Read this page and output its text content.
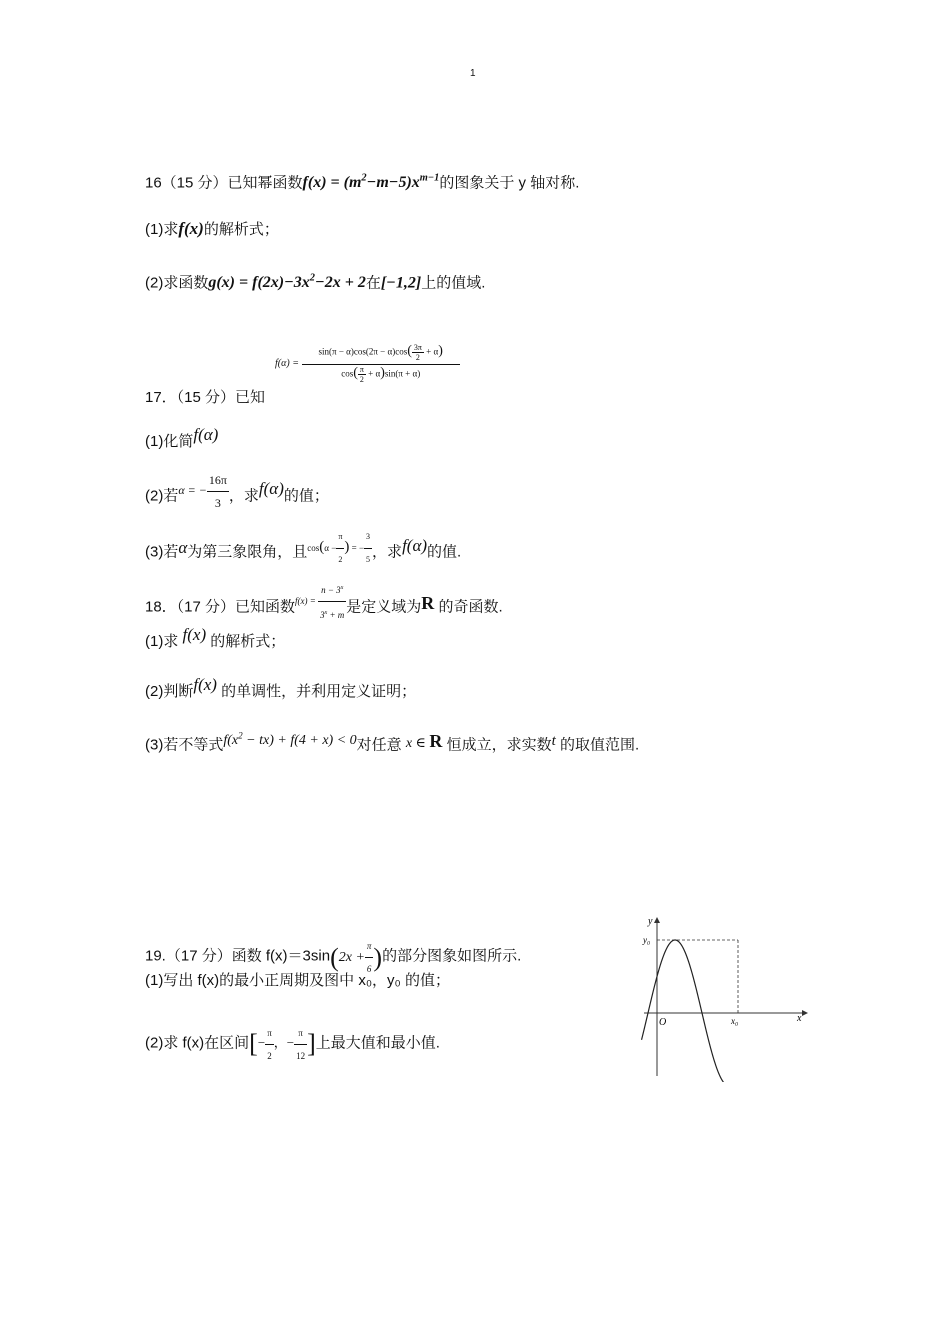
1
16（15 分）已知幂函数$f(x) = (m^2-m-5)x^{m-1}$的图象关于 y 轴对称.
(1)求f(x)的解析式；
(2)求函数$g(x) = f(2x)-3x^2-2x + 2$在[−1,2]上的值域.
$f(\alpha) = \frac{\sin(\pi - \alpha)\cos(2\pi - \alpha)\cos( \frac{3\pi}{2} + \alpha)}{\cos( \frac{\pi}{2} + \alpha)\sin(\pi + \alpha)}$
17．（15 分）已知
(1)化简f(α)
(2)若$^{\alpha = - \frac{16\pi}{3}}$ ，求f(α)的值；
(3)若α为第三象限角，且$^{cos(\alpha - \frac{\pi}{2} ) = - \frac{3}{5}}$ ，求f(α)的值.
18．（17 分）已知函数$^{f(x) = \frac{n - 3^x}{3^x + m}}$ 是定义域为R 的奇函数.
(1)求 f(x) 的解析式；
(2)判断f(x) 的单调性，并利用定义证明；
(3)若不等式$f(x^2 - tx) + f(4 + x) < 0$对任意 x ∈ R 恒成立，求实数t 的取值范围.
19.（17 分）函数 $f(x)=3\sin(2x + \frac{\pi}{6}$ )的部分图象如图所示.
(1)写出 f(x)的最小正周期及图中 x₀，y₀ 的值；
(2)求 f(x)在区间[− $\frac{\pi}{2}$ ，− $\frac{\pi}{12}$ ]上最大值和最小值.
y
x
O
y₀
x₀
